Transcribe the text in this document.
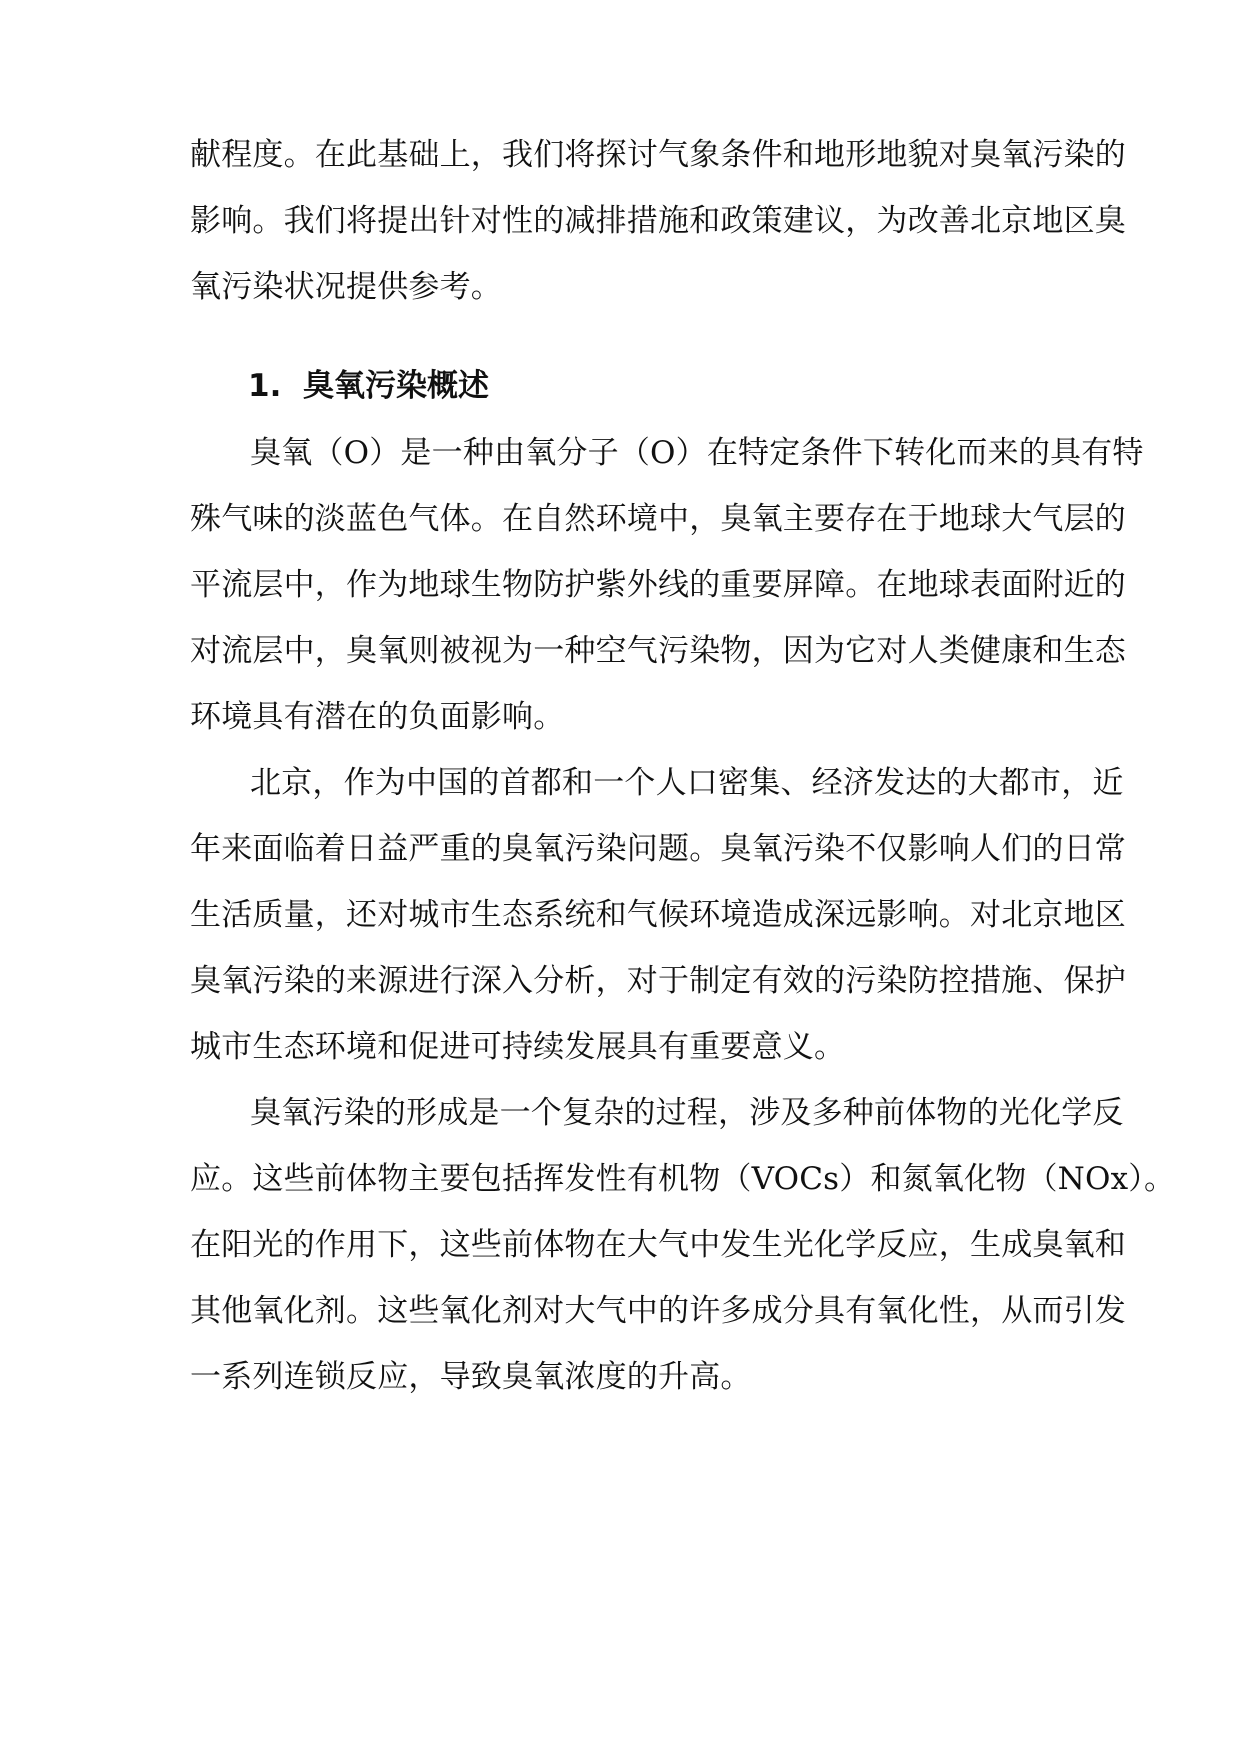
献程度。在此基础上，我们将探讨气象条件和地形地貌对臭氧污染的
影响。我们将提出针对性的减排措施和政策建议，为改善北京地区臭
氧污染状况提供参考。
1. 臭氧污染概述
臭氧（O）是一种由氧分子（O）在特定条件下转化而来的具有特
殊气味的淡蓝色气体。在自然环境中，臭氧主要存在于地球大气层的
平流层中，作为地球生物防护紫外线的重要屏障。在地球表面附近的
对流层中，臭氧则被视为一种空气污染物，因为它对人类健康和生态
环境具有潜在的负面影响。
北京，作为中国的首都和一个人口密集、经济发达的大都市，近
年来面临着日益严重的臭氧污染问题。臭氧污染不仅影响人们的日常
生活质量，还对城市生态系统和气候环境造成深远影响。对北京地区
臭氧污染的来源进行深入分析，对于制定有效的污染防控措施、保护
城市生态环境和促进可持续发展具有重要意义。
臭氧污染的形成是一个复杂的过程，涉及多种前体物的光化学反
应。这些前体物主要包括挥发性有机物（VOCs）和氮氧化物（NOx）。
在阳光的作用下，这些前体物在大气中发生光化学反应，生成臭氧和
其他氧化剂。这些氧化剂对大气中的许多成分具有氧化性，从而引发
一系列连锁反应，导致臭氧浓度的升高。
